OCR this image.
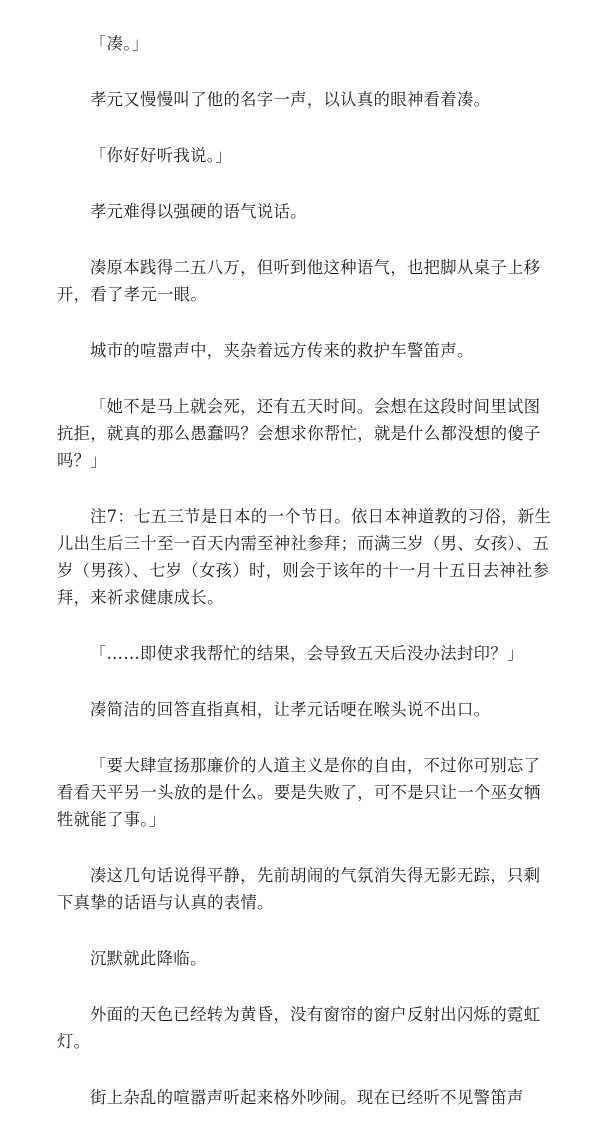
「凑。」

孝元又慢慢叫了他的名字一声，以认真的眼神看着凑。

「你好好听我说。」

孝元难得以强硬的语气说话。

凑原本践得二五八万，但听到他这种语气，也把脚从桌子上移开，看了孝元一眼。

城市的喧嚣声中，夹杂着远方传来的救护车警笛声。

「她不是马上就会死，还有五天时间。会想在这段时间里试图抗拒，就真的那么愚蠢吗？会想求你帮忙，就是什么都没想的傻子吗？」

注7：七五三节是日本的一个节日。依日本神道教的习俗，新生儿出生后三十至一百天内需至神社参拜；而满三岁（男、女孩）、五岁（男孩）、七岁（女孩）时，则会于该年的十一月十五日去神社参拜，来祈求健康成长。

「……即使求我帮忙的结果，会导致五天后没办法封印？」

凑简洁的回答直指真相，让孝元话哽在喉头说不出口。

「要大肆宣扬那廉价的人道主义是你的自由，不过你可别忘了看看天平另一头放的是什么。要是失败了，可不是只让一个巫女牺牲就能了事。」

凑这几句话说得平静，先前胡闹的气氛消失得无影无踪，只剩下真挚的话语与认真的表情。

沉默就此降临。

外面的天色已经转为黄昏，没有窗帘的窗户反射出闪烁的霓虹灯。

街上杂乱的喧嚣声听起来格外吵闹。现在已经听不见警笛声
